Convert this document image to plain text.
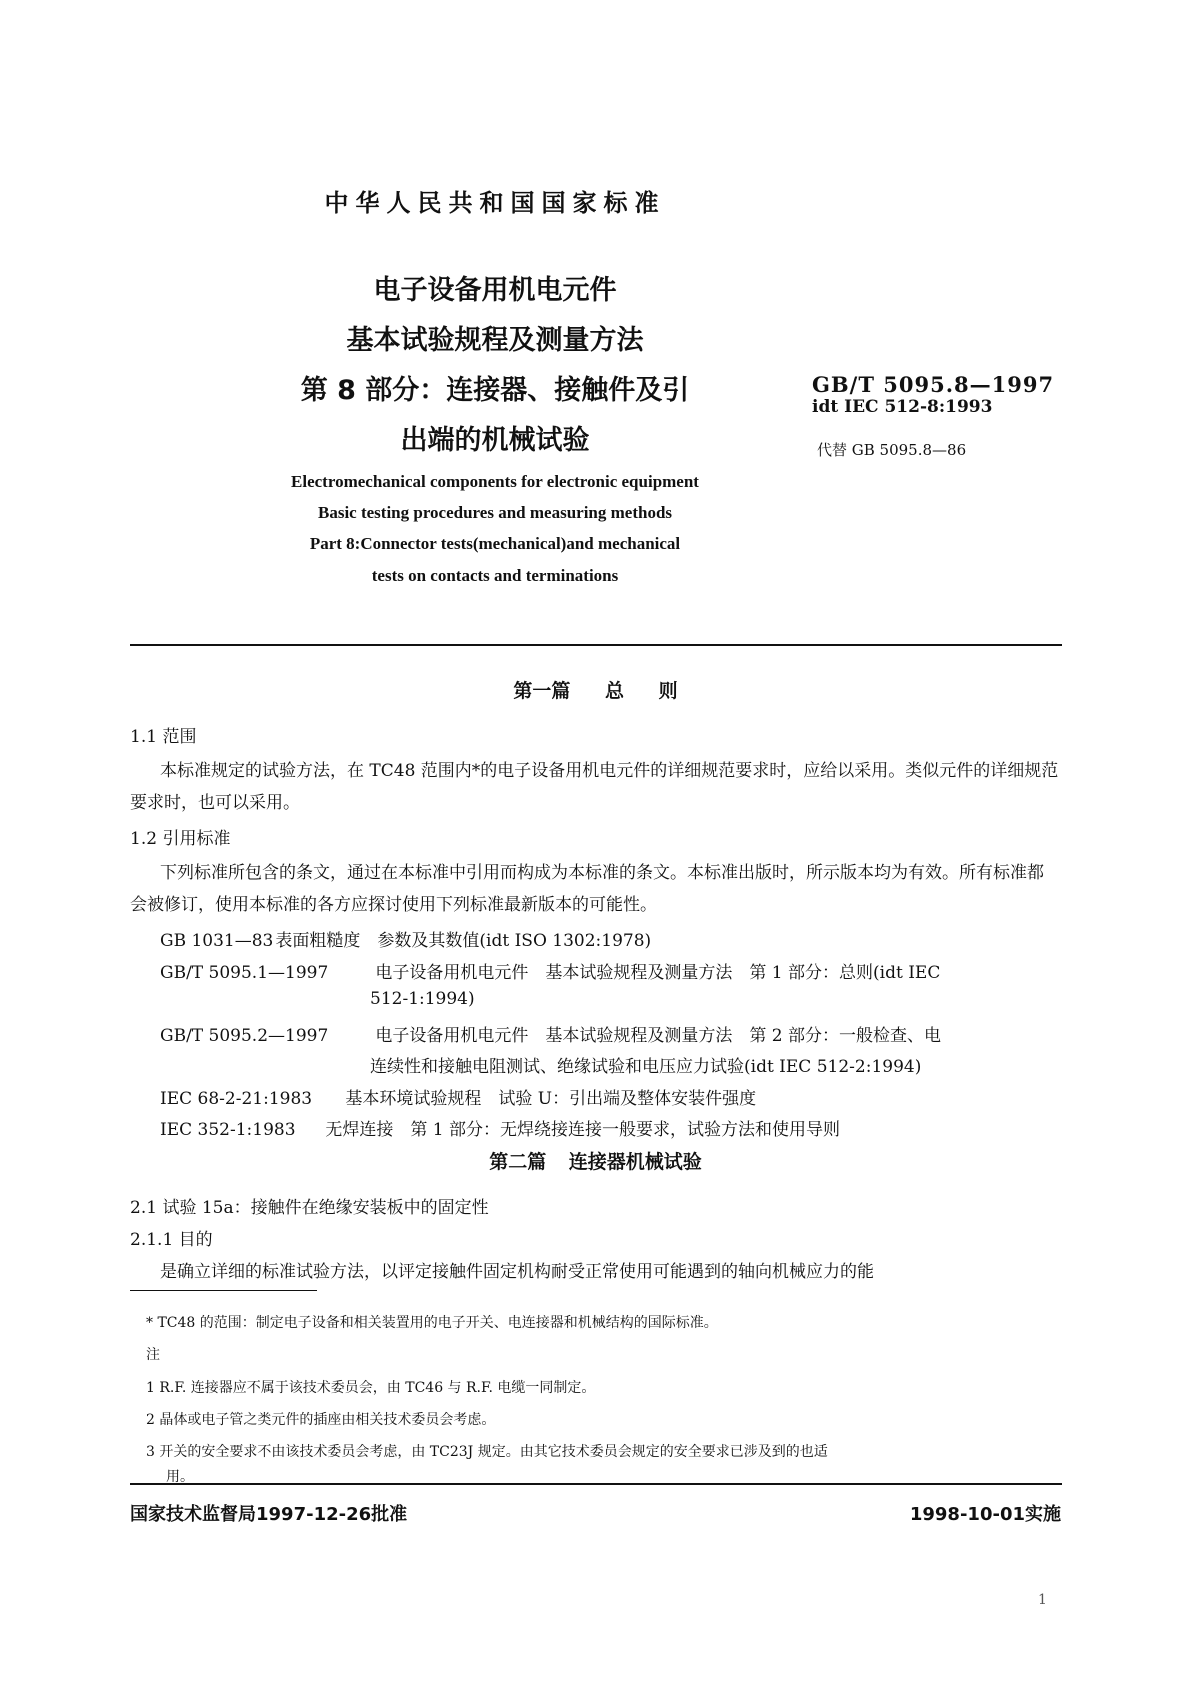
中华人民共和国国家标准
电子设备用机电元件
基本试验规程及测量方法
第 8 部分：连接器、接触件及引
出端的机械试验
GB/T 5095.8—1997
idt IEC 512-8:1993
代替 GB 5095.8—86
Electromechanical components for electronic equipment
Basic testing procedures and measuring methods
Part 8:Connector tests(mechanical)and mechanical
tests on contacts and terminations
第一篇 总 则
1.1 范围
本标准规定的试验方法，在 TC48 范围内*的电子设备用机电元件的详细规范要求时，应给以采用。类似元件的详细规范要求时，也可以采用。
1.2 引用标准
下列标准所包含的条文，通过在本标准中引用而构成为本标准的条文。本标准出版时，所示版本均为有效。所有标准都会被修订，使用本标准的各方应探讨使用下列标准最新版本的可能性。
GB 1031—83 表面粗糙度　参数及其数值(idt ISO 1302:1978)
GB/T 5095.1—1997	电子设备用机电元件　基本试验规程及测量方法　第 1 部分：总则(idt IEC
512-1:1994)
GB/T 5095.2—1997	电子设备用机电元件　基本试验规程及测量方法　第 2 部分：一般检查、电
连续性和接触电阻测试、绝缘试验和电压应力试验(idt IEC 512-2:1994)
IEC 68-2-21:1983 基本环境试验规程　试验 U：引出端及整体安装件强度
IEC 352-1:1983 无焊连接　第 1 部分：无焊绕接连接一般要求，试验方法和使用导则
第二篇 连接器机械试验
2.1 试验 15a：接触件在绝缘安装板中的固定性
2.1.1 目的
是确立详细的标准试验方法，以评定接触件固定机构耐受正常使用可能遇到的轴向机械应力的能
* TC48 的范围：制定电子设备和相关装置用的电子开关、电连接器和机械结构的国际标准。
注
1 R.F. 连接器应不属于该技术委员会，由 TC46 与 R.F. 电缆一同制定。
2 晶体或电子管之类元件的插座由相关技术委员会考虑。
3 开关的安全要求不由该技术委员会考虑，由 TC23J 规定。由其它技术委员会规定的安全要求已涉及到的也适
用。
国家技术监督局1997-12-26批准	1998-10-01实施
1
